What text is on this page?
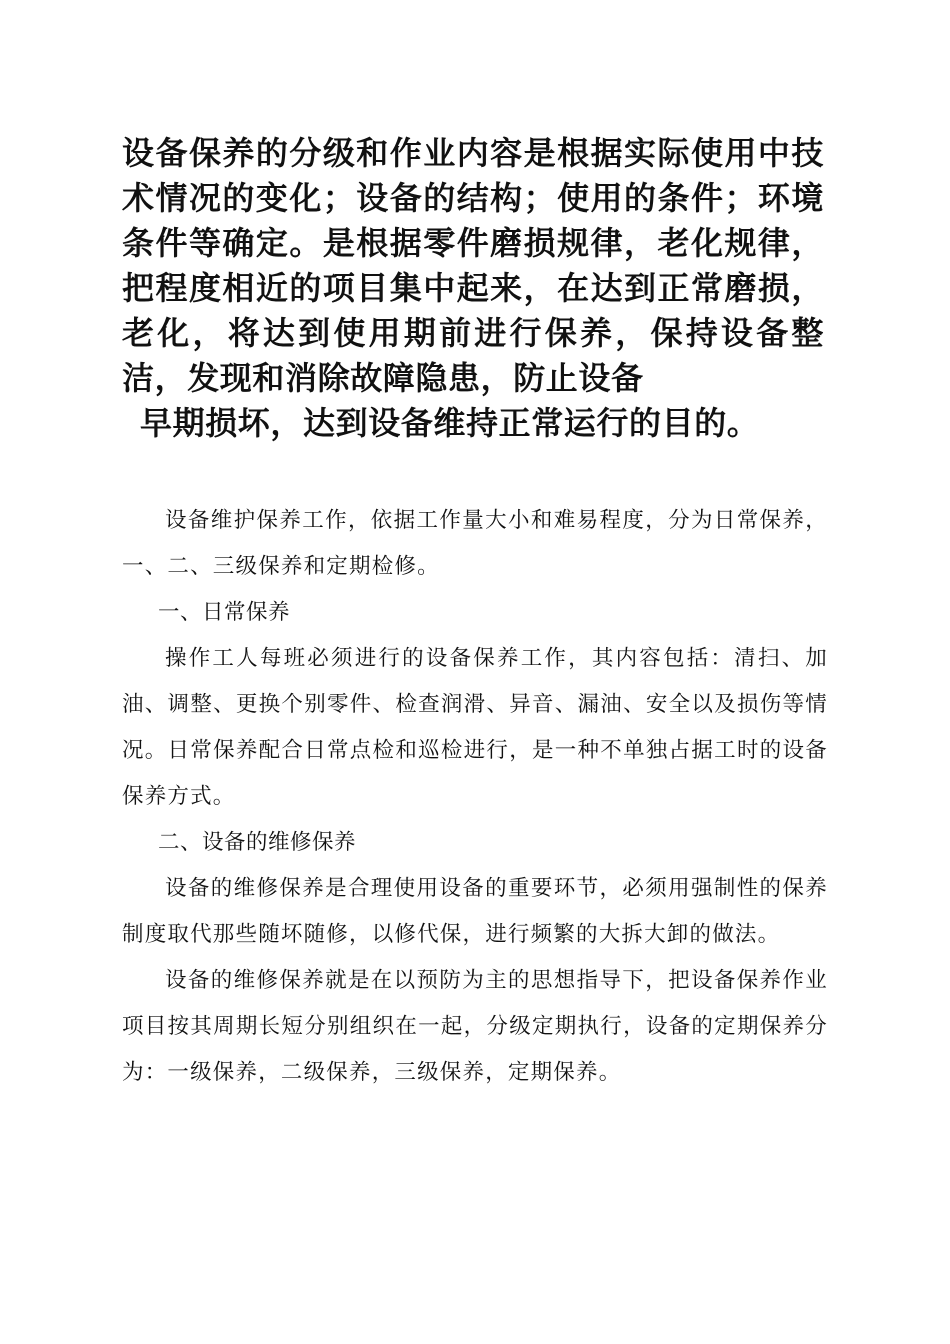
设备保养的分级和作业内容是根据实际使用中技术情况的变化；设备的结构；使用的条件；环境条件等确定。是根据零件磨损规律，老化规律，把程度相近的项目集中起来，在达到正常磨损，老化，将达到使用期前进行保养，保持设备整洁，发现和消除故障隐患，防止设备
早期损坏，达到设备维持正常运行的目的。

设备维护保养工作，依据工作量大小和难易程度，分为日常保养，一、二、三级保养和定期检修。

一、日常保养

操作工人每班必须进行的设备保养工作，其内容包括：清扫、加油、调整、更换个别零件、检查润滑、异音、漏油、安全以及损伤等情况。日常保养配合日常点检和巡检进行，是一种不单独占据工时的设备保养方式。

二、设备的维修保养

设备的维修保养是合理使用设备的重要环节，必须用强制性的保养制度取代那些随坏随修，以修代保，进行频繁的大拆大卸的做法。

设备的维修保养就是在以预防为主的思想指导下，把设备保养作业项目按其周期长短分别组织在一起，分级定期执行，设备的定期保养分为：一级保养，二级保养，三级保养，定期保养。
